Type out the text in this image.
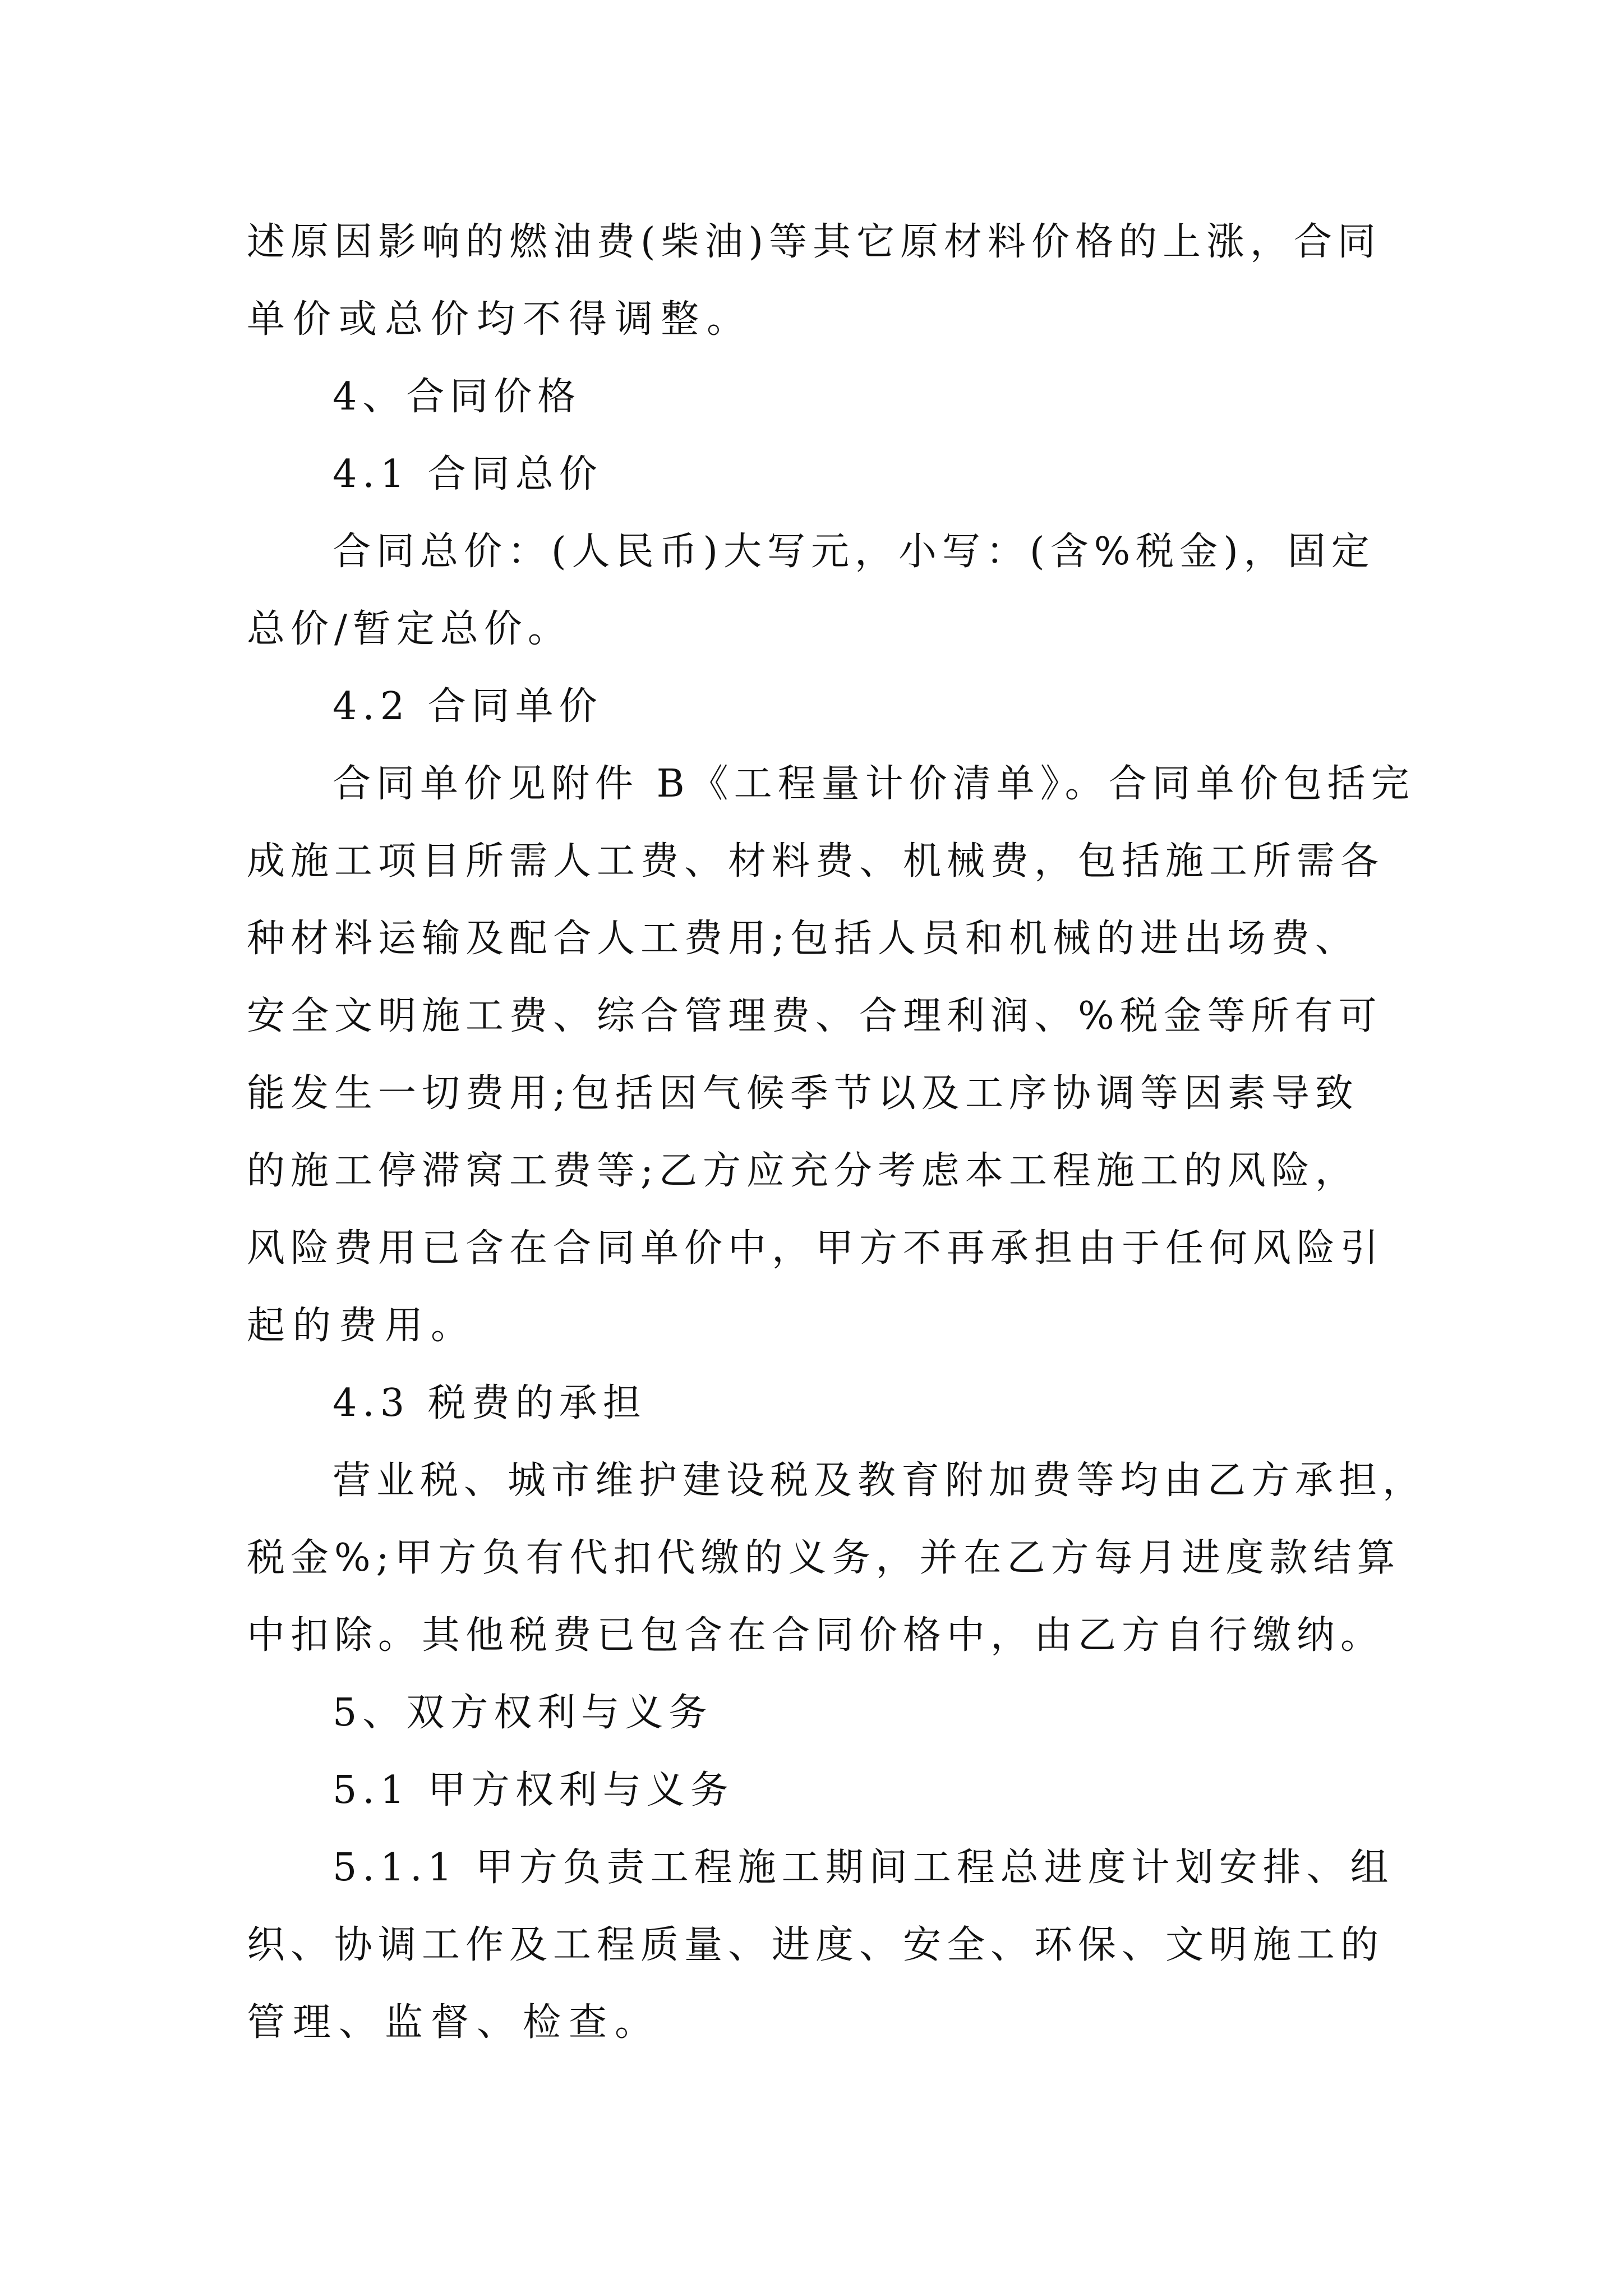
述原因影响的燃油费(柴油)等其它原材料价格的上涨，合同
单价或总价均不得调整。
4、合同价格
4.1 合同总价
合同总价：(人民币)大写元，小写：(含%税金)，固定
总价/暂定总价。
4.2 合同单价
合同单价见附件 B《工程量计价清单》。合同单价包括完
成施工项目所需人工费、材料费、机械费，包括施工所需各
种材料运输及配合人工费用;包括人员和机械的进出场费、
安全文明施工费、综合管理费、合理利润、%税金等所有可
能发生一切费用;包括因气候季节以及工序协调等因素导致
的施工停滞窝工费等;乙方应充分考虑本工程施工的风险，
风险费用已含在合同单价中，甲方不再承担由于任何风险引
起的费用。
4.3 税费的承担
营业税、城市维护建设税及教育附加费等均由乙方承担，
税金%;甲方负有代扣代缴的义务，并在乙方每月进度款结算
中扣除。其他税费已包含在合同价格中，由乙方自行缴纳。
5、双方权利与义务
5.1 甲方权利与义务
5.1.1 甲方负责工程施工期间工程总进度计划安排、组
织、协调工作及工程质量、进度、安全、环保、文明施工的
管理、监督、检查。
